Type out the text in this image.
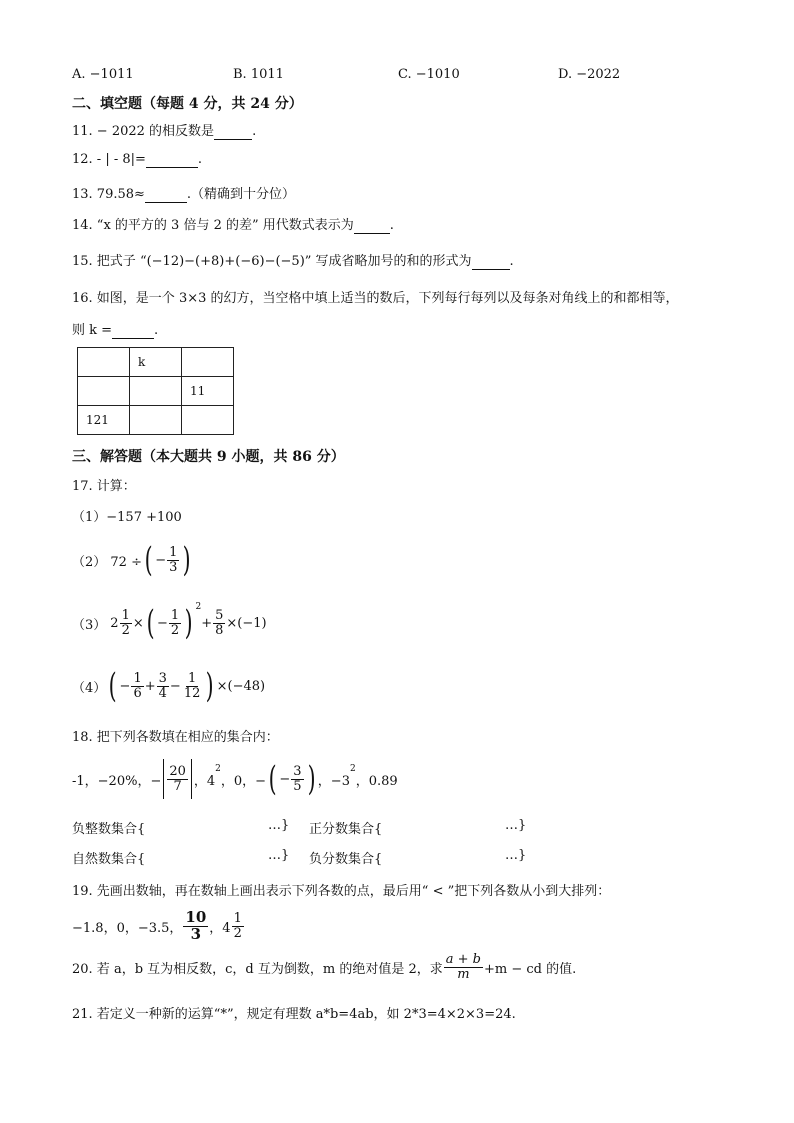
A. −1011	B. 1011	C. −1010	D. −2022
二、填空题（每题 4 分，共 24 分）
11. − 2022 的相反数是	.
12. - | - 8|=	.
13. 79.58≈	.（精确到十分位）
14. “x 的平方的 3 倍与 2 的差” 用代数式表示为	.
15. 把式子 “(−12)−(+8)+(−6)−(−5)” 写成省略加号的和的形式为	.
16. 如图，是一个 3×3 的幻方，当空格中填上适当的数后，下列每行每列以及每条对角线上的和都相等，
则 k =	.
	k	
		11
121		
三、解答题（本大题共 9 小题，共 86 分）
17. 计算：
（1）−157 +100
（2） 72 ÷ ( − $\frac{1}{3}$ )
（3） $2 \frac{1}{2}$ × ( − $\frac{1}{2}$ ) $^2$
+ $\frac{5}{8} \times(-1)$
（4） ( − $\frac{1}{6} + \frac{3}{4} - \frac{1}{12}$ ) ×(−48)
18. 把下列各数填在相应的集合内：
-1，−20%，− $\frac{20}{7}$ ，4
$^2$
，0，− ( − $\frac{3}{5}$ ) ，−3
$^2$
，0.89
负整数集合{	…} 正分数集合{	…}
自然数集合{	…} 负分数集合{	…}
19. 先画出数轴，再在数轴上画出表示下列各数的点，最后用“ < ”把下列各数从小到大排列：
−1.8，0，−3.5， $\frac{10}{3}$ ，$4 \frac{1}{2}$
20. 若 a，b 互为相反数，c，d 互为倒数，m 的绝对值是 2，求 $\frac{a + b}{m} +m$ − cd 的值.
21. 若定义一种新的运算“*”，规定有理数 a*b=4ab，如 2*3=4×2×3=24.
